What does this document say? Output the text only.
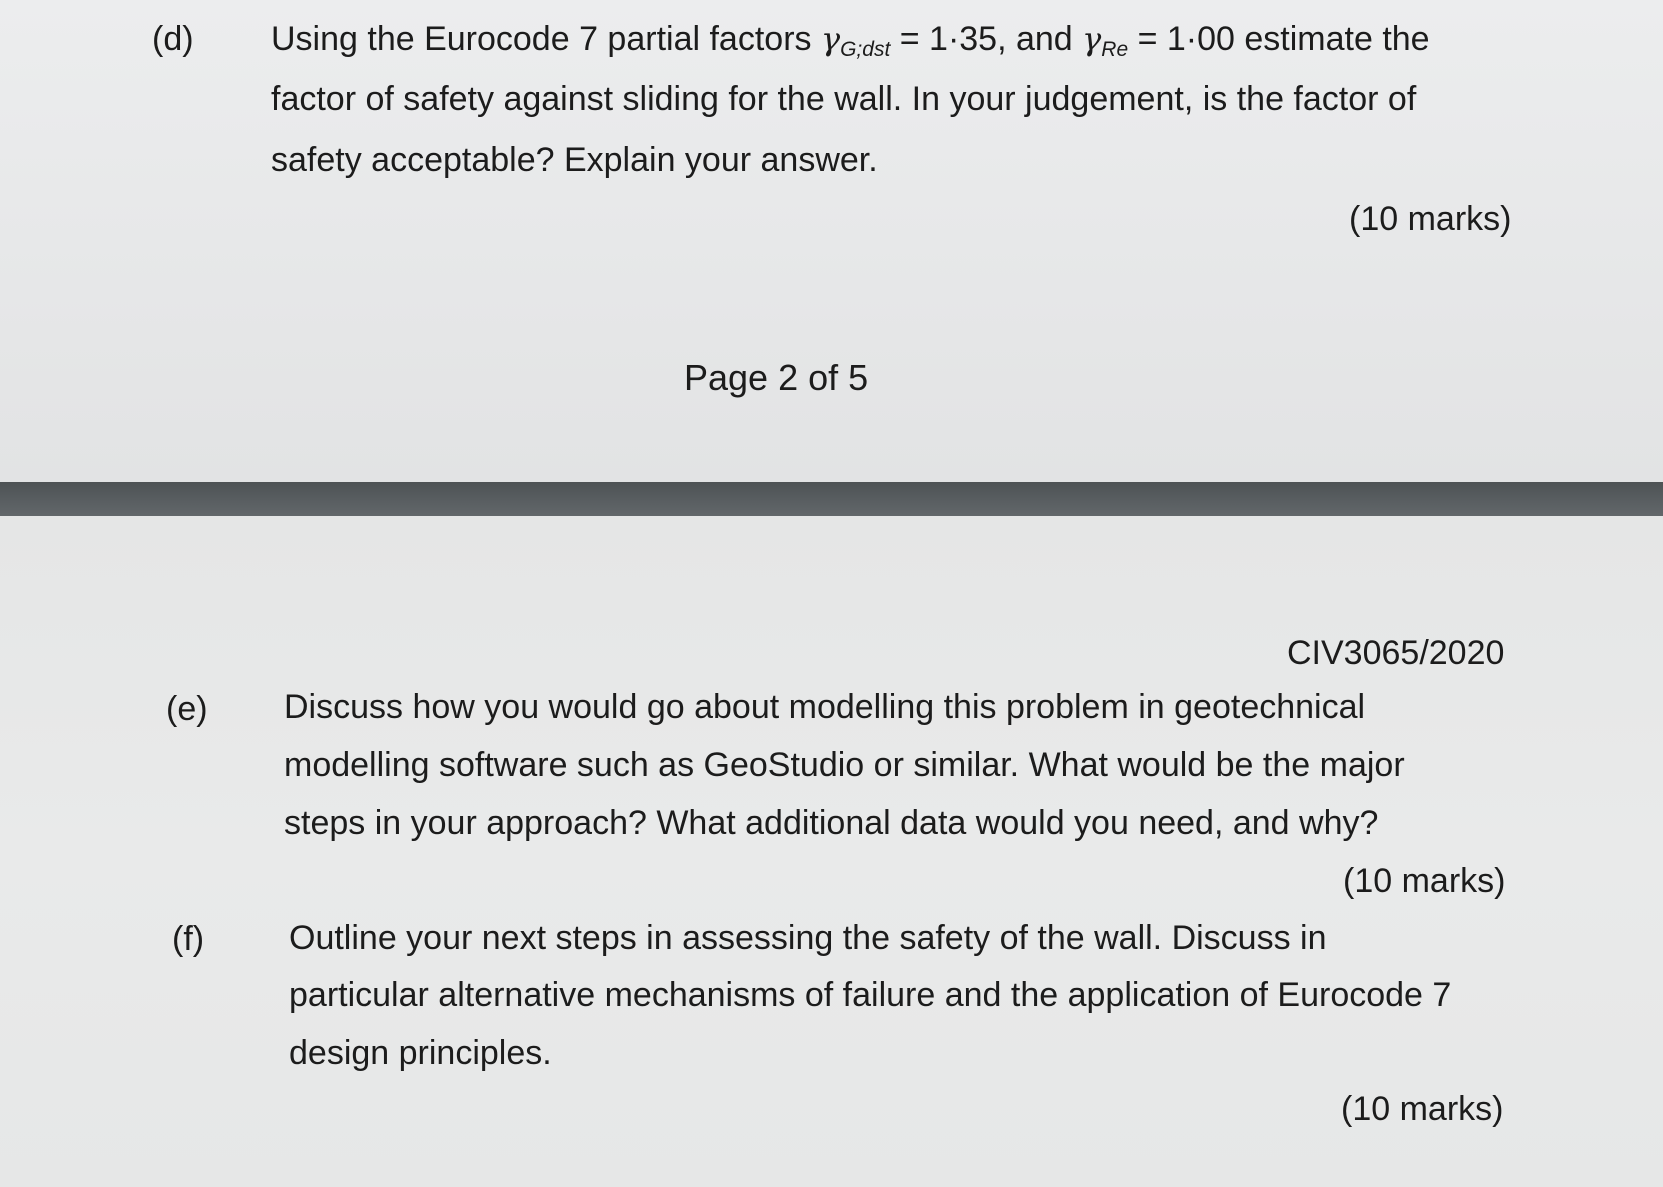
(d) Using the Eurocode 7 partial factors $\gamma_{G;dst} = 1\cdot 35$, and $\gamma_{Re} = 1\cdot 00$ estimate the
factor of safety against sliding for the wall. In your judgement, is the factor of
safety acceptable? Explain your answer.
(10 marks)
Page 2 of 5
CIV3065/2020
(e) Discuss how you would go about modelling this problem in geotechnical
modelling software such as GeoStudio or similar. What would be the major
steps in your approach? What additional data would you need, and why?
(10 marks)
(f) Outline your next steps in assessing the safety of the wall. Discuss in
particular alternative mechanisms of failure and the application of Eurocode 7
design principles.
(10 marks)
